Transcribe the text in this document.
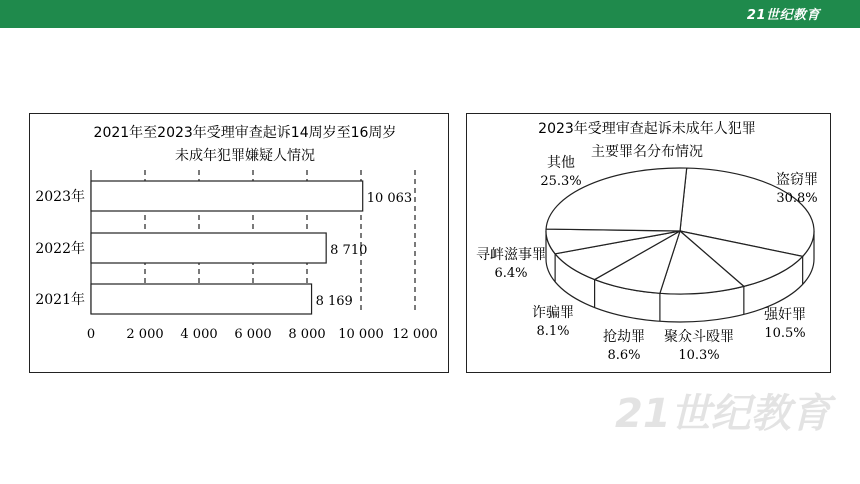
21世纪教育
2021年至2023年受理审查起诉14周岁至16周岁
未成年犯罪嫌疑人情况
2023年
2022年
2021年
10 063
8 710
8 169
0 2 000 4 000 6 000 8 000 10 000 12 000
2023年受理审查起诉未成年人犯罪
主要罪名分布情况
盗窃罪
30.8%
强奸罪
10.5%
聚众斗殴罪
10.3%
抢劫罪
8.6%
诈骗罪
8.1%
寻衅滋事罪
6.4%
其他
25.3%
21世纪教育
